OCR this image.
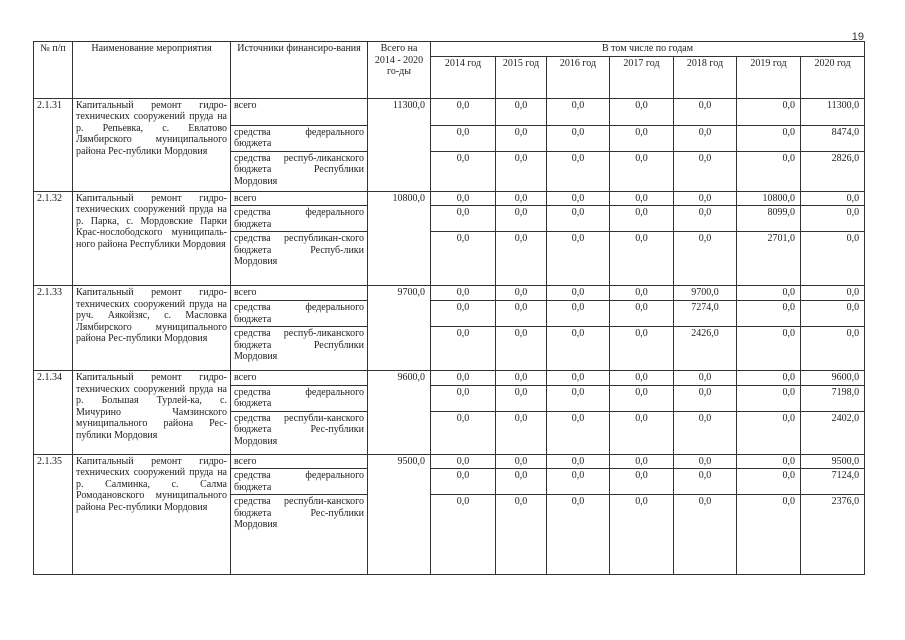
19
№ п/п	Наименование мероприятия	Источники финансиро-вания	Всего на 2014 - 2020 го-ды	В том числе по годам						
				2014 год	2015 год	2016 год	2017 год	2018 год	2019 год	2020 год
2.1.31	Капитальный ремонт гидро-технических сооружений пруда на р. Репьевка, с. Евлатово Лямбирского муниципального района Рес-публики Мордовия	всего	11300,0	0,0	0,0	0,0	0,0	0,0	0,0	11300,0
		средства федерального бюджета		0,0	0,0	0,0	0,0	0,0	0,0	8474,0
		средства респуб-ликанского бюджета Республики Мордовия		0,0	0,0	0,0	0,0	0,0	0,0	2826,0
2.1.32	Капитальный ремонт гидро-технических сооружений пруда на р. Парка, с. Мордовские Парки Крас-нослободского муниципаль-ного района Республики Мордовия	всего	10800,0	0,0	0,0	0,0	0,0	0,0	10800,0	0,0
		средства федерального бюджета		0,0	0,0	0,0	0,0	0,0	8099,0	0,0
		средства республикан-ского бюджета Респуб-лики Мордовия		0,0	0,0	0,0	0,0	0,0	2701,0	0,0
2.1.33	Капитальный ремонт гидро-технических сооружений пруда на руч. Аякойзяс, с. Масловка Лямбирского муниципального района Рес-публики Мордовия	всего	9700,0	0,0	0,0	0,0	0,0	9700,0	0,0	0,0
		средства федерального бюджета		0,0	0,0	0,0	0,0	7274,0	0,0	0,0
		средства респуб-ликанского бюджета Республики Мордовия		0,0	0,0	0,0	0,0	2426,0	0,0	0,0
2.1.34	Капитальный ремонт гидро-технических сооружений пруда на р. Большая Турлей-ка, с. Мичурино Чамзинского муниципального района Рес-публики Мордовия	всего	9600,0	0,0	0,0	0,0	0,0	0,0	0,0	9600,0
		средства федерального бюджета		0,0	0,0	0,0	0,0	0,0	0,0	7198,0
		средства республи-канского бюджета Рес-публики Мордовия		0,0	0,0	0,0	0,0	0,0	0,0	2402,0
2.1.35	Капитальный ремонт гидро-технических сооружений пруда на р. Салминка, с. Салма Ромодановского муниципального района Рес-публики Мордовия	всего	9500,0	0,0	0,0	0,0	0,0	0,0	0,0	9500,0
		средства федерального бюджета		0,0	0,0	0,0	0,0	0,0	0,0	7124,0
		средства республи-канского бюджета Рес-публики Мордовия		0,0	0,0	0,0	0,0	0,0	0,0	2376,0
